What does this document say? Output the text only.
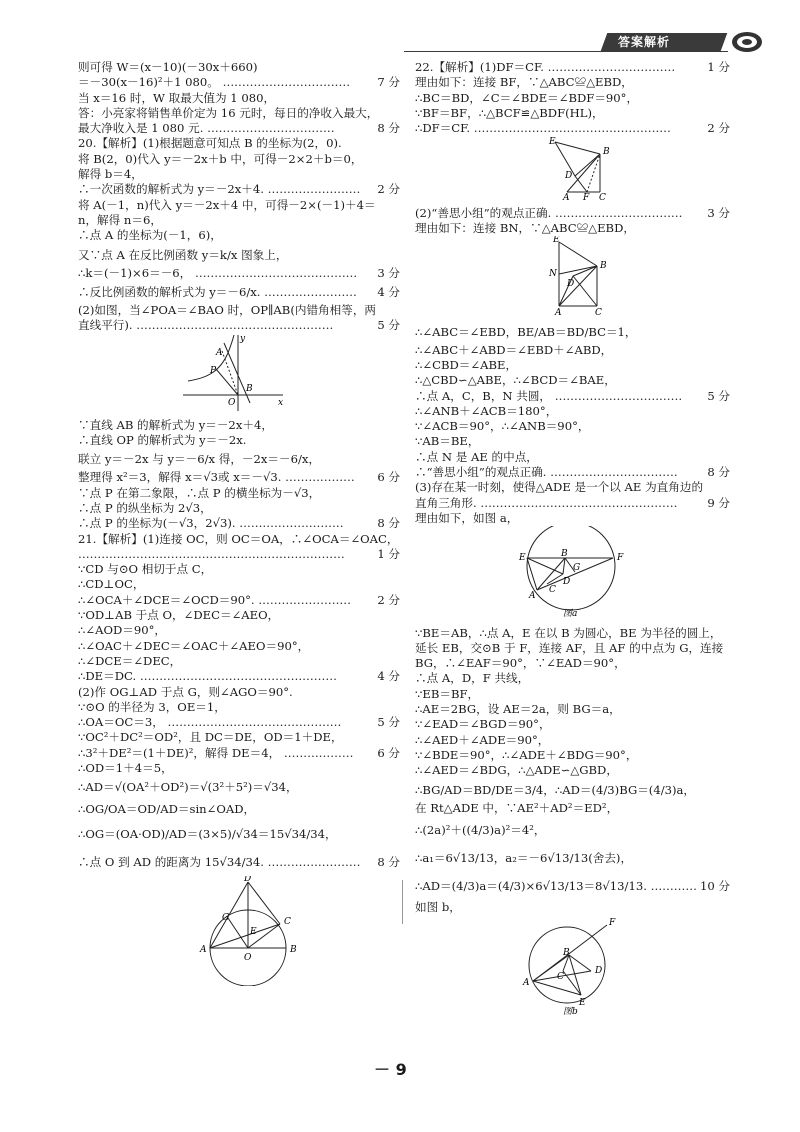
答案解析
则可得 W＝(x－10)(－30x＋660)
＝－30(x－16)²＋1 080。 …………………………… 7 分
当 x＝16 时，W 取最大值为 1 080，
答：小亮家将销售单价定为 16 元时，每日的净收入最大，
最大净收入是 1 080 元. ……………………………	8 分
20.【解析】(1)根据题意可知点 B 的坐标为(2，0).
将 B(2，0)代入 y＝－2x＋b 中，可得－2×2＋b＝0，
解得 b＝4，
∴一次函数的解析式为 y＝－2x＋4. …………………… 2 分
将 A(－1，n)代入 y＝－2x＋4 中，可得－2×(－1)＋4＝
n，解得 n＝6，
∴点 A 的坐标为(－1，6)，
又∵点 A 在反比例函数 y＝k/x 图象上，
∴k＝(－1)×6＝－6， …………………………………… 3 分
∴反比例函数的解析式为 y＝－6/x. …………………… 4 分
(2)如图，当∠POA＝∠BAO 时，OP∥AB(内错角相等，两
直线平行). ……………………………………………	5 分
y
x
A
P
O
B
∵直线 AB 的解析式为 y＝－2x＋4，
∴直线 OP 的解析式为 y＝－2x.
联立 y＝－2x 与 y＝－6/x 得，－2x＝－6/x，
整理得 x²＝3，解得 x＝√3或 x＝－√3. ……………… 6 分
∵点 P 在第二象限，∴点 P 的横坐标为－√3，
∴点 P 的纵坐标为 2√3，
∴点 P 的坐标为(－√3，2√3). ………………………	8 分
21.【解析】(1)连接 OC，则 OC＝OA，∴∠OCA＝∠OAC，
……………………………………………………………	1 分
∵CD 与⊙O 相切于点 C，
∴CD⊥OC，
∴∠OCA＋∠DCE＝∠OCD＝90°. …………………… 2 分
∵OD⊥AB 于点 O，∠DEC＝∠AEO，
∴∠AOD＝90°，
∴∠OAC＋∠DEC＝∠OAC＋∠AEO＝90°，
∴∠DCE＝∠DEC，
∴DE＝DC. ……………………………………………	4 分
(2)作 OG⊥AD 于点 G，则∠AGO＝90°.
∵⊙O 的半径为 3，OE＝1，
∴OA＝OC＝3， ………………………………………	5 分
∵OC²＋DC²＝OD²，且 DC＝DE，OD＝1＋DE，
∴3²＋DE²＝(1＋DE)²，解得 DE＝4， ……………… 6 分
∴OD＝1＋4＝5，
∴AD＝√(OA²＋OD²)＝√(3²＋5²)＝√34，
∴OG/OA＝OD/AD＝sin∠OAD，
∴OG＝(OA·OD)/AD＝(3×5)/√34＝15√34/34，
∴点 O 到 AD 的距离为 15√34/34. …………………… 8 分
D
G
E
C
A
O
B
22.【解析】(1)DF＝CF. ……………………………	1 分
理由如下：连接 BF，∵△ABC≌△EBD，
∴BC＝BD，∠C＝∠BDE＝∠BDF＝90°，
∵BF＝BF，∴△BCF≌△BDF(HL)，
∴DF＝CF. ……………………………………………	2 分
E
B
D
A F C
(2)“善思小组”的观点正确. …………………………… 3 分
理由如下：连接 BN，∵△ABC≌△EBD，
E
B
N
D
A	C
∴∠ABC＝∠EBD，BE/AB＝BD/BC＝1，
∴∠ABC＋∠ABD＝∠EBD＋∠ABD，
∴∠CBD＝∠ABE，
∴△CBD∽△ABE，∴∠BCD＝∠BAE，
∴点 A，C，B，N 共圆， …………………………… 5 分
∴∠ANB＋∠ACB＝180°，
∵∠ACB＝90°，∴∠ANB＝90°，
∵AB＝BE，
∴点 N 是 AE 的中点，
∴“善思小组”的观点正确. ……………………………	8 分
(3)存在某一时刻，使得△ADE 是一个以 AE 为直角边的
直角三角形. ……………………………………………	9 分
理由如下，如图 a，
E	B
G
D
C
A
F
图a
∵BE＝AB，∴点 A，E 在以 B 为圆心，BE 为半径的圆上，
延长 EB，交⊙B 于 F，连接 AF，且 AF 的中点为 G，连接
BG，∴∠EAF＝90°，∵∠EAD＝90°，
∴点 A，D，F 共线，
∵EB＝BF，
∴AE＝2BG，设 AE＝2a，则 BG＝a，
∵∠EAD＝∠BGD＝90°，
∴∠AED＋∠ADE＝90°，
∵∠BDE＝90°，∴∠ADE＋∠BDG＝90°，
∴∠AED＝∠BDG，∴△ADE∽△GBD，
∴BG/AD＝BD/DE＝3/4，∴AD＝(4/3)BG＝(4/3)a，
在 Rt△ADE 中，∵AE²＋AD²＝ED²，
∴(2a)²＋((4/3)a)²＝4²，
∴a₁＝6√13/13，a₂＝－6√13/13(舍去)，
∴AD＝(4/3)a＝(4/3)×6√13/13＝8√13/13. ………… 10 分
如图 b，
F
B
D
A
C
E
图b
－ 9
